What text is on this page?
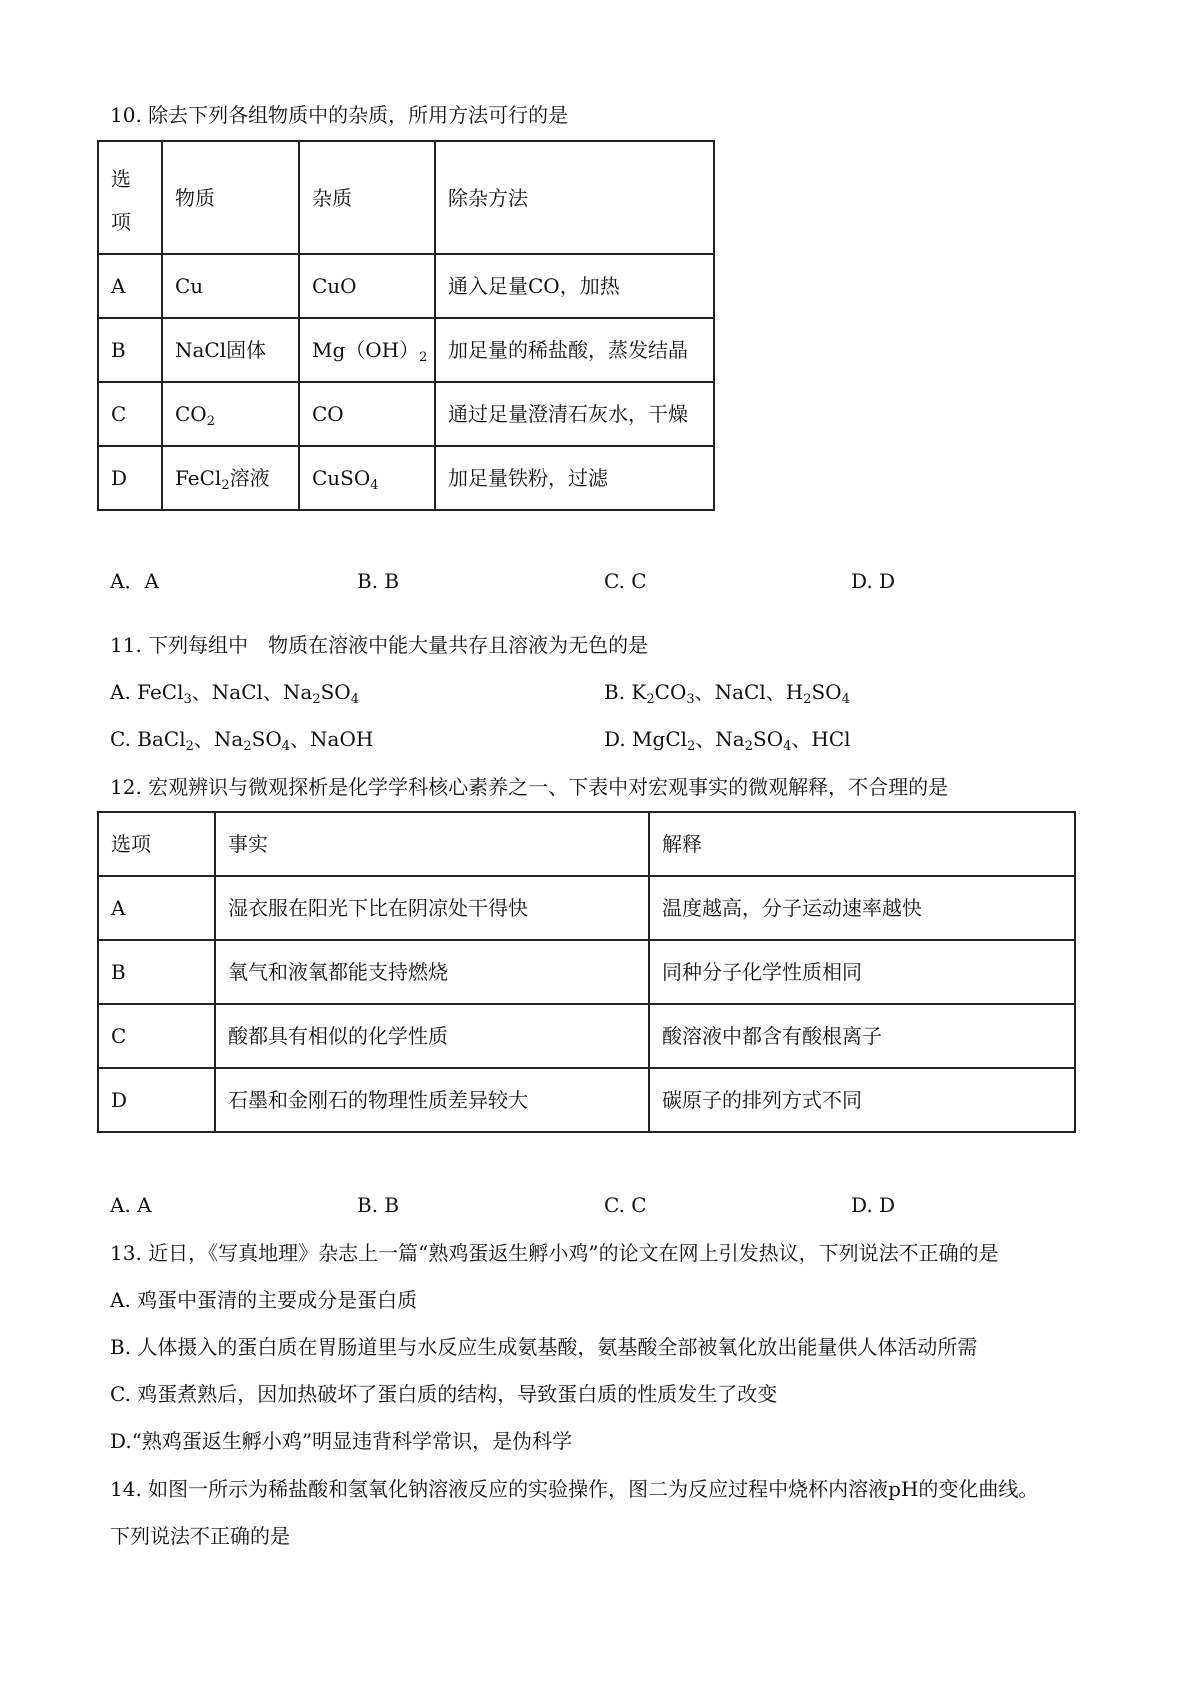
10. 除去下列各组物质中的杂质，所用方法可行的是
选
项	物质	杂质	除杂方法
A	Cu	CuO	通入足量CO，加热
B	NaCl固体	$Mg(OH)_2$	加足量的稀盐酸，蒸发结晶
C	$CO_2$	CO	通过足量澄清石灰水，干燥
D	FeCl$_2$溶液	CuSO$_4$	加足量铁粉，过滤
A．A	B. B	C. C	D. D
11. 下列每组中　物质在溶液中能大量共存且溶液为无色的是
A. FeCl$_3$、NaCl、$Na_2SO_4$	B. $K_2CO_3$、NaCl、$H_2SO_4$
C. BaCl$_2$、$Na_2SO_4$、NaOH	D. MgCl$_2$、$Na_2SO_4$、HCl
12. 宏观辨识与微观探析是化学学科核心素养之一、下表中对宏观事实的微观解释，不合理的是
选项	事实	解释
A	湿衣服在阳光下比在阴凉处干得快	温度越高，分子运动速率越快
B	氧气和液氧都能支持燃烧	同种分子化学性质相同
C	酸都具有相似的化学性质	酸溶液中都含有酸根离子
D	石墨和金刚石的物理性质差异较大	碳原子的排列方式不同
A. A	B. B	C. C	D. D
13. 近日，《写真地理》杂志上一篇“熟鸡蛋返生孵小鸡”的论文在网上引发热议，下列说法不正确的是
A. 鸡蛋中蛋清的主要成分是蛋白质
B. 人体摄入的蛋白质在胃肠道里与水反应生成氨基酸，氨基酸全部被氧化放出能量供人体活动所需
C. 鸡蛋煮熟后，因加热破坏了蛋白质的结构，导致蛋白质的性质发生了改变
D.“熟鸡蛋返生孵小鸡”明显违背科学常识，是伪科学
14. 如图一所示为稀盐酸和氢氧化钠溶液反应的实验操作，图二为反应过程中烧杯内溶液pH的变化曲线。
下列说法不正确的是
